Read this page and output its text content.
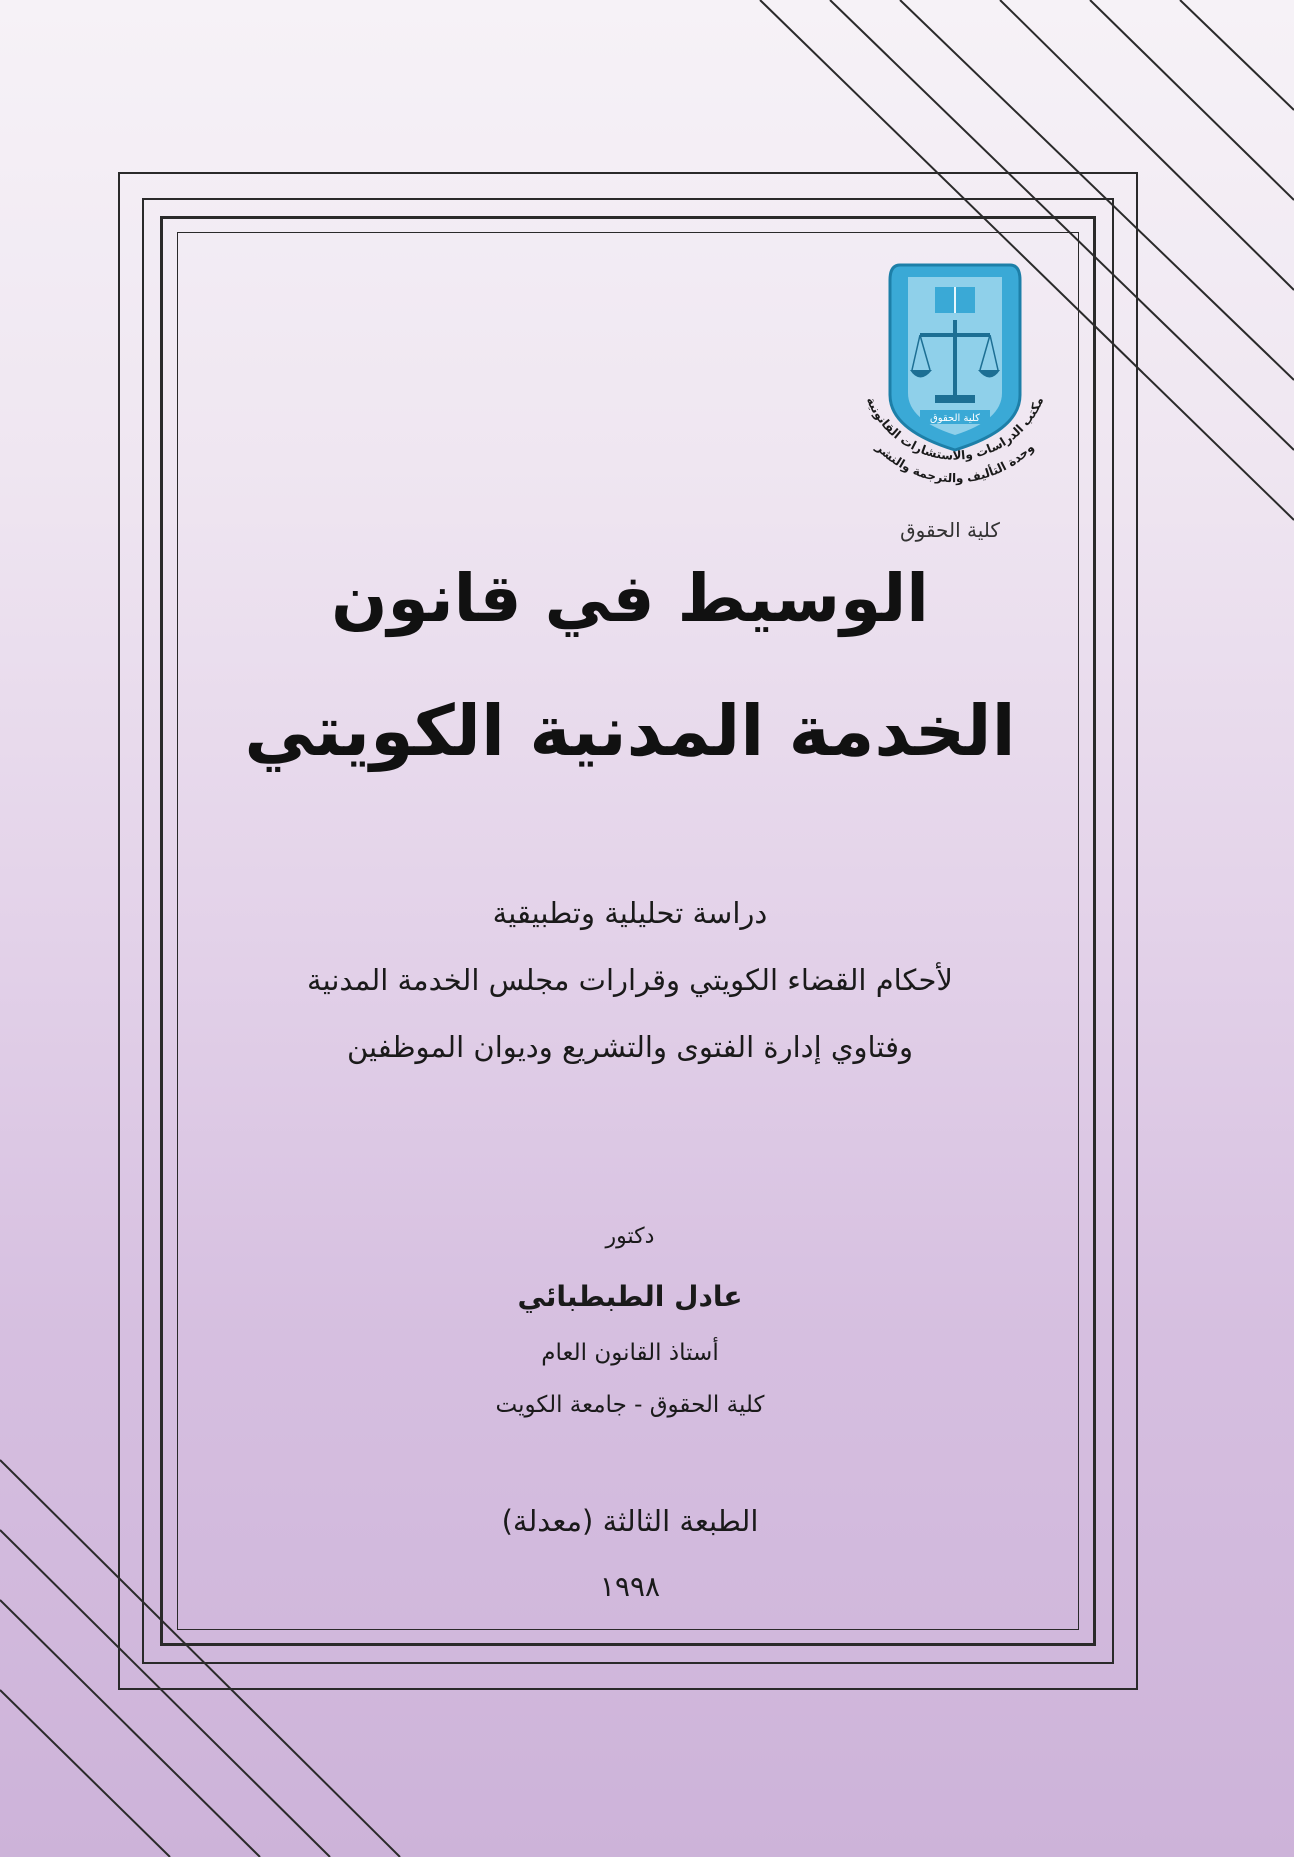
كلية الحقوق
مكتب الدراسات والاستشارات القانونية
وحدة التأليف والترجمة والنشر
كلية الحقوق
الوسيط في قانون
الخدمة المدنية الكويتي
دراسة تحليلية وتطبيقية
لأحكام القضاء الكويتي وقرارات مجلس الخدمة المدنية
وفتاوي إدارة الفتوى والتشريع وديوان الموظفين
دكتور
عادل الطبطبائي
أستاذ القانون العام
كلية الحقوق - جامعة الكويت
الطبعة الثالثة (معدلة)
١٩٩٨
